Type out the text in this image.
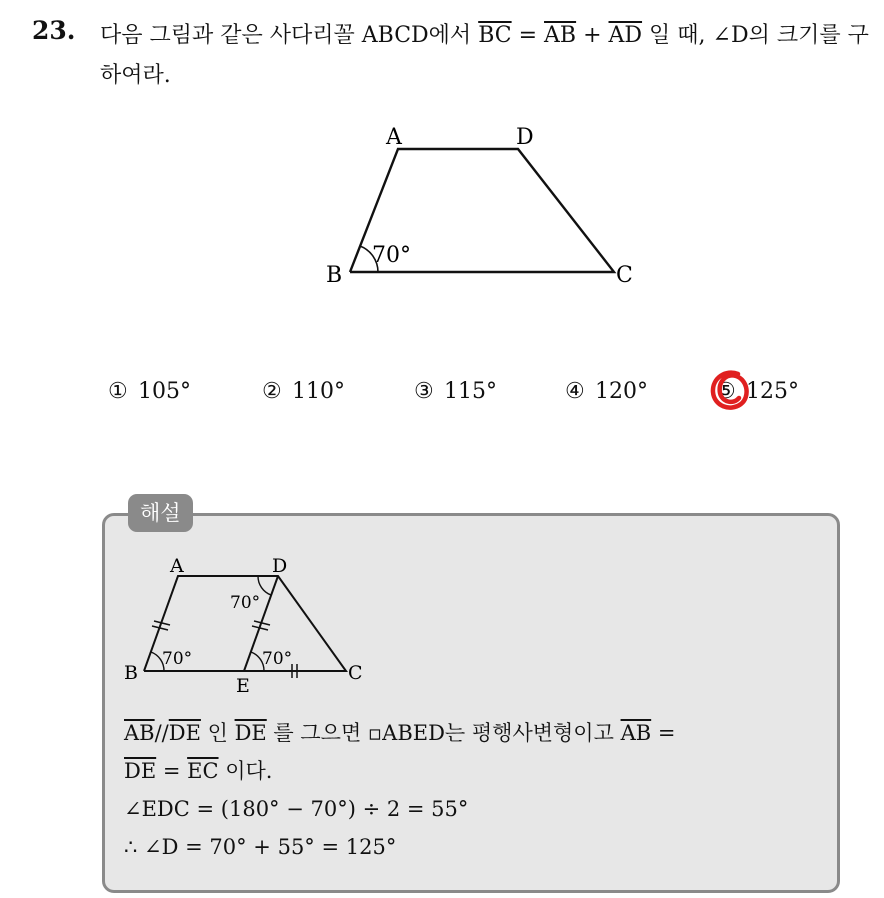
23. 다음 그림과 같은 사다리꼴 ABCD에서 $\overline{BC} = \overline{AB} + \overline{AD}$ 일 때, ∠D의 크기를 구하여라.
A	D
B	C
70°
① 105°	② 110°	③ 115°	④ 120°	⑤ 125°
해설
A	D
B
E
C
70°	70°
70°
$\overline{AB}//\overline{DE}$ 인 $\overline{DE}$ 를 그으면 ▫ABED는 평행사변형이고 $\overline{AB}$ =
$\overline{DE} = \overline{EC}$ 이다.
∠EDC = (180° − 70°) ÷ 2 = 55°
∴ ∠D = 70° + 55° = 125°
